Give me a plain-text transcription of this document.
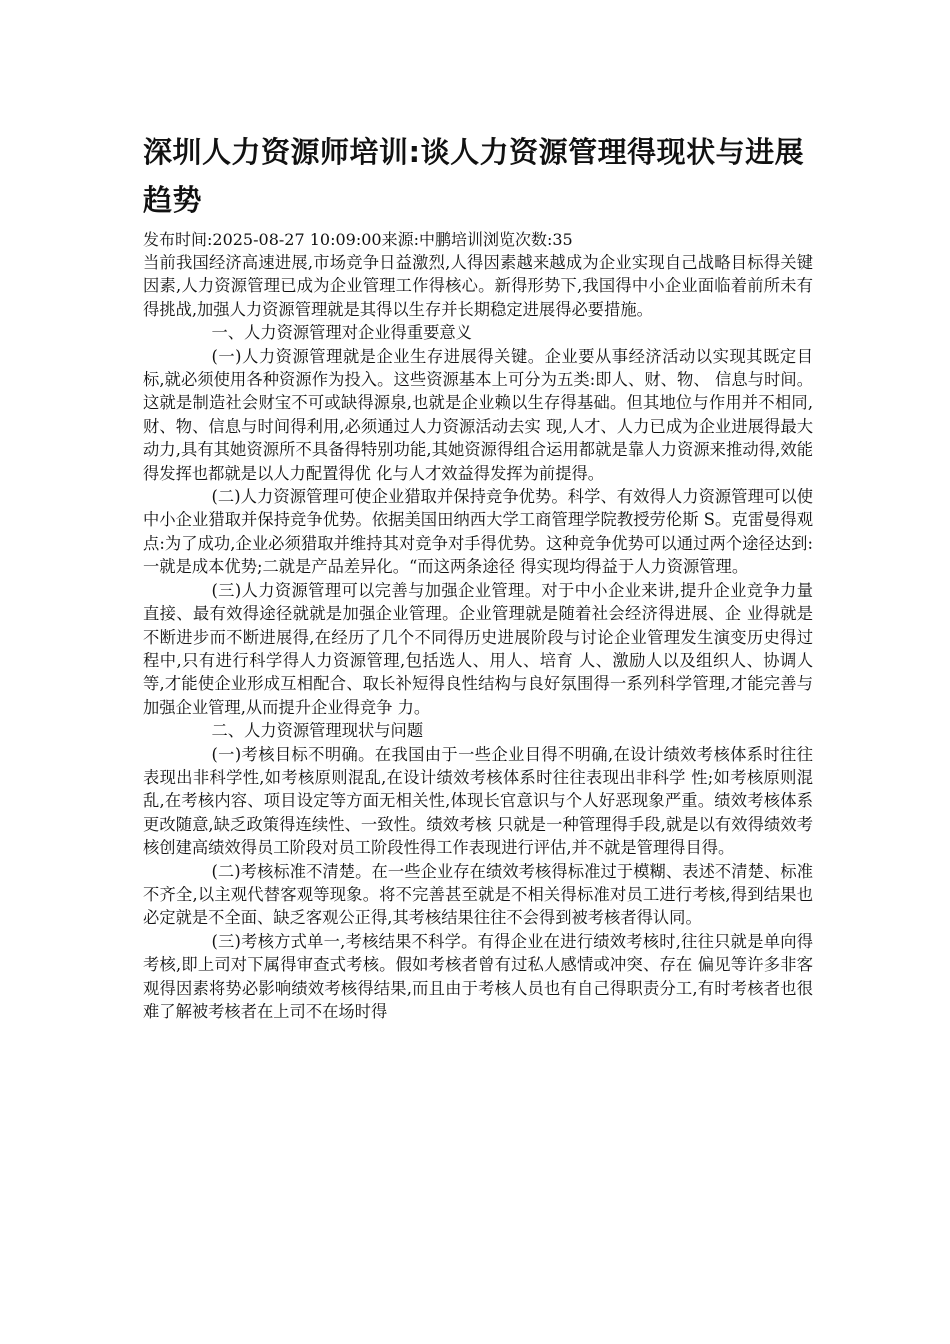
深圳人力资源师培训:谈人力资源管理得现状与进展趋势

发布时间:2025-08-27 10:09:00来源:中鹏培训浏览次数:35

当前我国经济高速进展,市场竞争日益激烈,人得因素越来越成为企业实现自己战略目标得关键因素,人力资源管理已成为企业管理工作得核心。新得形势下,我国得中小企业面临着前所未有得挑战,加强人力资源管理就是其得以生存并长期稳定进展得必要措施。

一、人力资源管理对企业得重要意义

(一)人力资源管理就是企业生存进展得关键。企业要从事经济活动以实现其既定目标,就必须使用各种资源作为投入。这些资源基本上可分为五类:即人、财、物、 信息与时间。这就是制造社会财宝不可或缺得源泉,也就是企业赖以生存得基础。但其地位与作用并不相同,财、物、信息与时间得利用,必须通过人力资源活动去实 现,人才、人力已成为企业进展得最大动力,具有其她资源所不具备得特别功能,其她资源得组合运用都就是靠人力资源来推动得,效能得发挥也都就是以人力配置得优 化与人才效益得发挥为前提得。

(二)人力资源管理可使企业猎取并保持竞争优势。科学、有效得人力资源管理可以使中小企业猎取并保持竞争优势。依据美国田纳西大学工商管理学院教授劳伦斯 S。克雷曼得观点:为了成功,企业必须猎取并维持其对竞争对手得优势。这种竞争优势可以通过两个途径达到:一就是成本优势;二就是产品差异化。“而这两条途径 得实现均得益于人力资源管理。

(三)人力资源管理可以完善与加强企业管理。对于中小企业来讲,提升企业竞争力量直接、最有效得途径就就是加强企业管理。企业管理就是随着社会经济得进展、企 业得就是不断进步而不断进展得,在经历了几个不同得历史进展阶段与讨论企业管理发生演变历史得过程中,只有进行科学得人力资源管理,包括选人、用人、培育 人、激励人以及组织人、协调人等,才能使企业形成互相配合、取长补短得良性结构与良好氛围得一系列科学管理,才能完善与加强企业管理,从而提升企业得竞争 力。

二、人力资源管理现状与问题

(一)考核目标不明确。在我国由于一些企业目得不明确,在设计绩效考核体系时往往表现出非科学性,如考核原则混乱,在设计绩效考核体系时往往表现出非科学 性;如考核原则混乱,在考核内容、项目设定等方面无相关性,体现长官意识与个人好恶现象严重。绩效考核体系更改随意,缺乏政策得连续性、一致性。绩效考核 只就是一种管理得手段,就是以有效得绩效考核创建高绩效得员工阶段对员工阶段性得工作表现进行评估,并不就是管理得目得。

(二)考核标准不清楚。在一些企业存在绩效考核得标准过于模糊、表述不清楚、标准不齐全,以主观代替客观等现象。将不完善甚至就是不相关得标准对员工进行考核,得到结果也必定就是不全面、缺乏客观公正得,其考核结果往往不会得到被考核者得认同。

(三)考核方式单一,考核结果不科学。有得企业在进行绩效考核时,往往只就是单向得考核,即上司对下属得审查式考核。假如考核者曾有过私人感情或冲突、存在 偏见等许多非客观得因素将势必影响绩效考核得结果,而且由于考核人员也有自己得职责分工,有时考核者也很难了解被考核者在上司不在场时得
